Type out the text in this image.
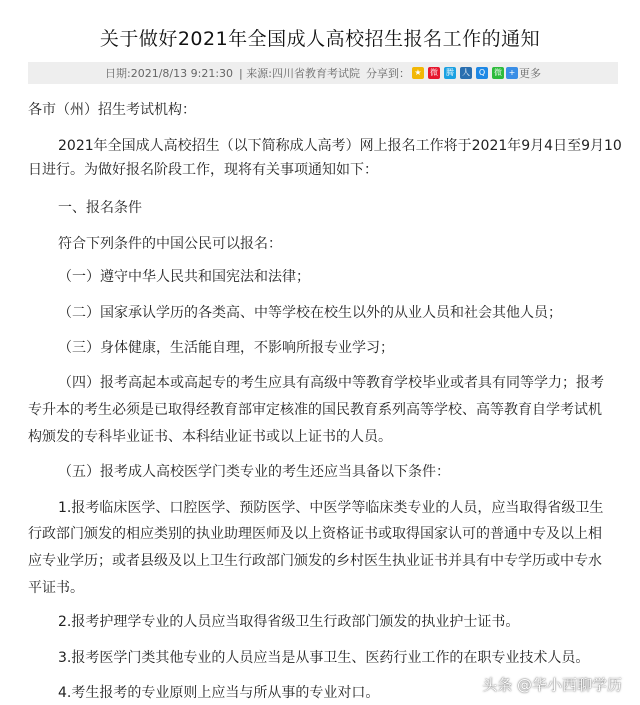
关于做好2021年全国成人高校招生报名工作的通知
日期:2021/8/13 9:21:30 | 来源:四川省教育考试院 分享到： ★	微 腾 人	Q	微 + 更多
各市（州）招生考试机构：
2021年全国成人高校招生（以下简称成人高考）网上报名工作将于2021年9月4日至9月10
日进行。为做好报名阶段工作，现将有关事项通知如下：
一、报名条件
符合下列条件的中国公民可以报名：
（一）遵守中华人民共和国宪法和法律；
（二）国家承认学历的各类高、中等学校在校生以外的从业人员和社会其他人员；
（三）身体健康，生活能自理，不影响所报专业学习；
（四）报考高起本或高起专的考生应具有高级中等教育学校毕业或者具有同等学力；报考
专升本的考生必须是已取得经教育部审定核准的国民教育系列高等学校、高等教育自学考试机
构颁发的专科毕业证书、本科结业证书或以上证书的人员。
（五）报考成人高校医学门类专业的考生还应当具备以下条件：
1.报考临床医学、口腔医学、预防医学、中医学等临床类专业的人员，应当取得省级卫生
行政部门颁发的相应类别的执业助理医师及以上资格证书或取得国家认可的普通中专及以上相
应专业学历；或者县级及以上卫生行政部门颁发的乡村医生执业证书并具有中专学历或中专水
平证书。
2.报考护理学专业的人员应当取得省级卫生行政部门颁发的执业护士证书。
3.报考医学门类其他专业的人员应当是从事卫生、医药行业工作的在职专业技术人员。
4.考生报考的专业原则上应当与所从事的专业对口。	头条 @华小西聊学历
